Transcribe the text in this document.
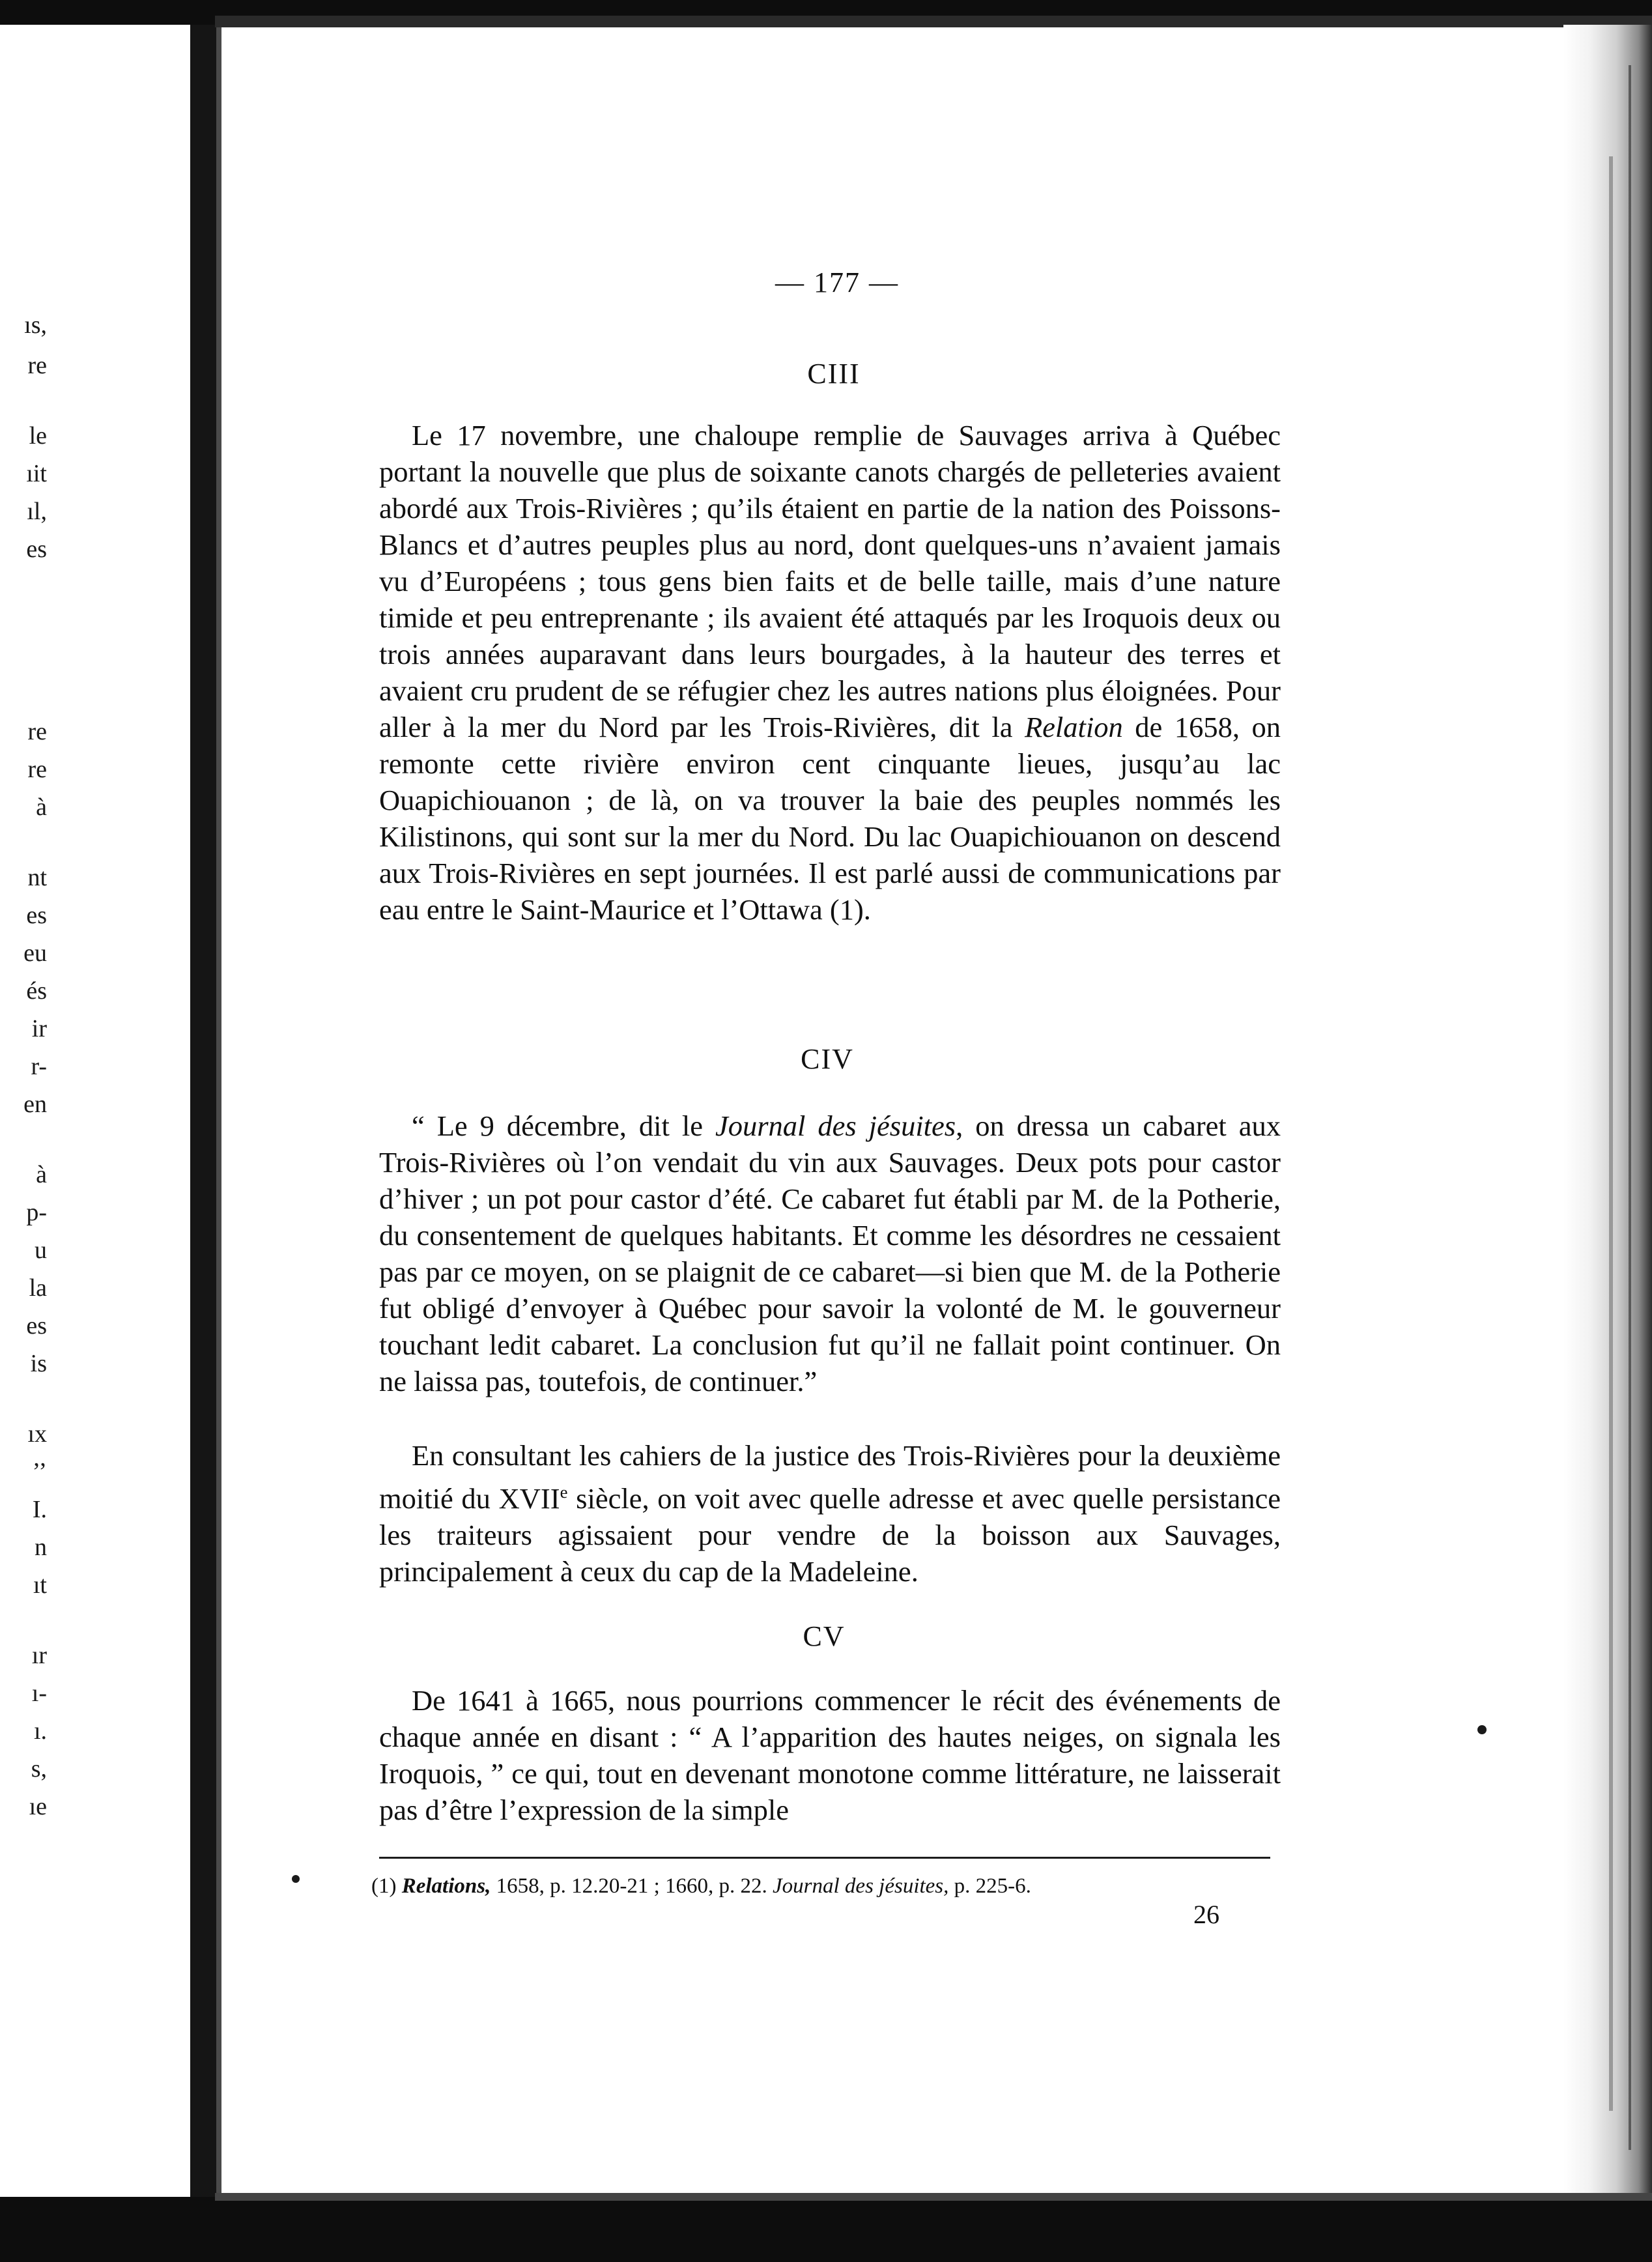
ıs,
re
le
ıit
ıl,
es
re
re
à
nt
es
eu
és
ir
r-
en
à
p-
u
la
es
is
ıx
’’
I.
n
ıt
ır
ı-
ı.
s,
ıe
— 177 —
CIII

Le 17 novembre, une chaloupe remplie de Sauvages arriva à Québec portant la nouvelle que plus de soixante canots chargés de pelleteries avaient abordé aux Trois-Rivières ; qu’ils étaient en partie de la nation des Poissons-Blancs et d’autres peuples plus au nord, dont quelques-uns n’avaient jamais vu d’Européens ; tous gens bien faits et de belle taille, mais d’une nature timide et peu entreprenante ; ils avaient été attaqués par les Iroquois deux ou trois années auparavant dans leurs bourgades, à la hauteur des terres et avaient cru prudent de se réfugier chez les autres nations plus éloignées. Pour aller à la mer du Nord par les Trois-Rivières, dit la Relation de 1658, on remonte cette rivière environ cent cinquante lieues, jusqu’au lac Ouapichiouanon ; de là, on va trouver la baie des peuples nommés les Kilistinons, qui sont sur la mer du Nord. Du lac Ouapichiouanon on descend aux Trois-Rivières en sept journées. Il est parlé aussi de communications par eau entre le Saint-Maurice et l’Ottawa (1).

CIV

“ Le 9 décembre, dit le Journal des jésuites, on dressa un cabaret aux Trois-Rivières où l’on vendait du vin aux Sauvages. Deux pots pour castor d’hiver ; un pot pour castor d’été. Ce cabaret fut établi par M. de la Potherie, du consentement de quelques habitants. Et comme les désordres ne cessaient pas par ce moyen, on se plaignit de ce cabaret—si bien que M. de la Potherie fut obligé d’envoyer à Québec pour savoir la volonté de M. le gouverneur touchant ledit cabaret. La conclusion fut qu’il ne fallait point continuer. On ne laissa pas, toutefois, de continuer.”

En consultant les cahiers de la justice des Trois-Rivières pour la deuxième moitié du XVIIe siècle, on voit avec quelle adresse et avec quelle persistance les traiteurs agissaient pour vendre de la boisson aux Sauvages, principalement à ceux du cap de la Madeleine.

CV

De 1641 à 1665, nous pourrions commencer le récit des événements de chaque année en disant : “ A l’apparition des hautes neiges, on signala les Iroquois, ” ce qui, tout en devenant monotone comme littérature, ne laisserait pas d’être l’expression de la simple

(1) Relations, 1658, p. 12.20-21 ; 1660, p. 22. Journal des jésuites, p. 225-6.
26
